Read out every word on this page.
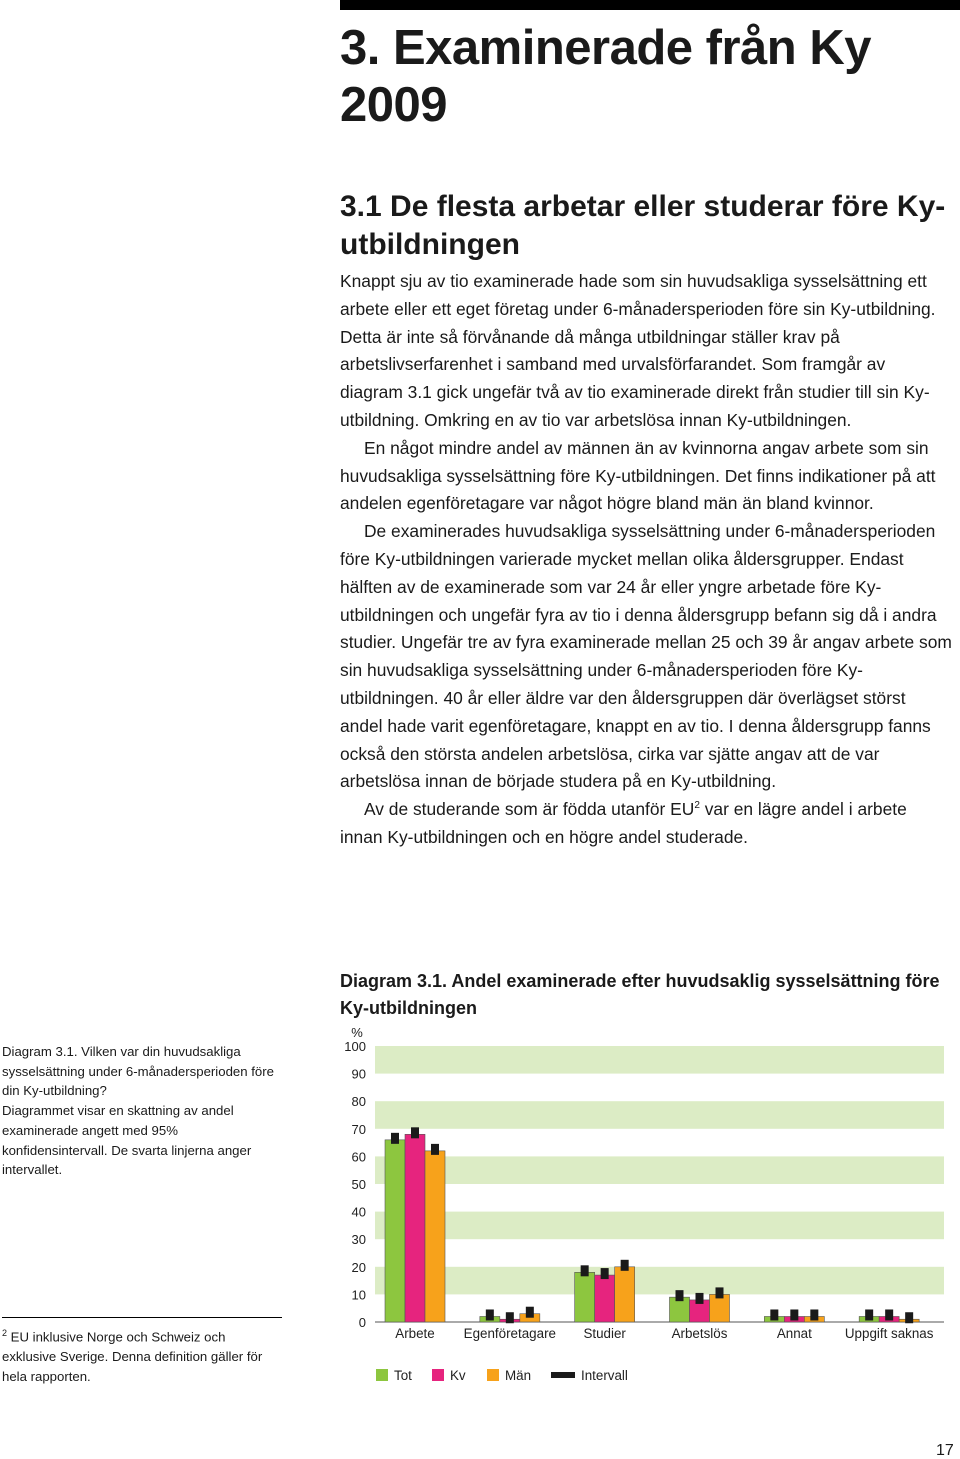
3. Examinerade från Ky 2009
3.1 De flesta arbetar eller studerar före Ky-utbildningen

Knappt sju av tio examinerade hade som sin huvudsakliga sysselsättning ett arbete eller ett eget företag under 6-månadersperioden före sin Ky-utbildning. Detta är inte så förvånande då många utbildningar ställer krav på arbetslivserfarenhet i samband med urvalsförfarandet. Som framgår av diagram 3.1 gick ungefär två av tio examinerade direkt från studier till sin Ky-utbildning. Omkring en av tio var arbetslösa innan Ky-utbildningen.

En något mindre andel av männen än av kvinnorna angav arbete som sin huvudsakliga sysselsättning före Ky-utbildningen. Det finns indikationer på att andelen egenföretagare var något högre bland män än bland kvinnor.

De examinerades huvudsakliga sysselsättning under 6-månadersperioden före Ky-utbildningen varierade mycket mellan olika åldersgrupper. Endast hälften av de examinerade som var 24 år eller yngre arbetade före Ky-utbildningen och ungefär fyra av tio i denna åldersgrupp befann sig då i andra studier. Ungefär tre av fyra examinerade mellan 25 och 39 år angav arbete som sin huvudsakliga sysselsättning under 6-månadersperioden före Ky-utbildningen. 40 år eller äldre var den åldersgruppen där överlägset störst andel hade varit egenföretagare, knappt en av tio. I denna åldersgrupp fanns också den största andelen arbetslösa, cirka var sjätte angav att de var arbetslösa innan de började studera på en Ky-utbildning.

Av de studerande som är födda utanför EU$^2$ var en lägre andel i arbete innan Ky-utbildningen och en högre andel studerade.

Diagram 3.1. Andel examinerade efter huvudsaklig sysselsättning före Ky-utbildningen
Diagram 3.1. Vilken var din huvudsakliga sysselsättning under 6-månadersperioden före din Ky-utbildning?
Diagrammet visar en skattning av andel examinerade angett med 95% konfidensintervall. De svarta linjerna anger intervallet.
$^2$ EU inklusive Norge och Schweiz och exklusive Sverige. Denna definition gäller för hela rapporten.
17
0
10
20
30
40
50
60
70
80
90
100
%
Arbete Egenföretagare Studier	Arbetslös	Annat Uppgift saknas
Tot	Kv	Män	Intervall
